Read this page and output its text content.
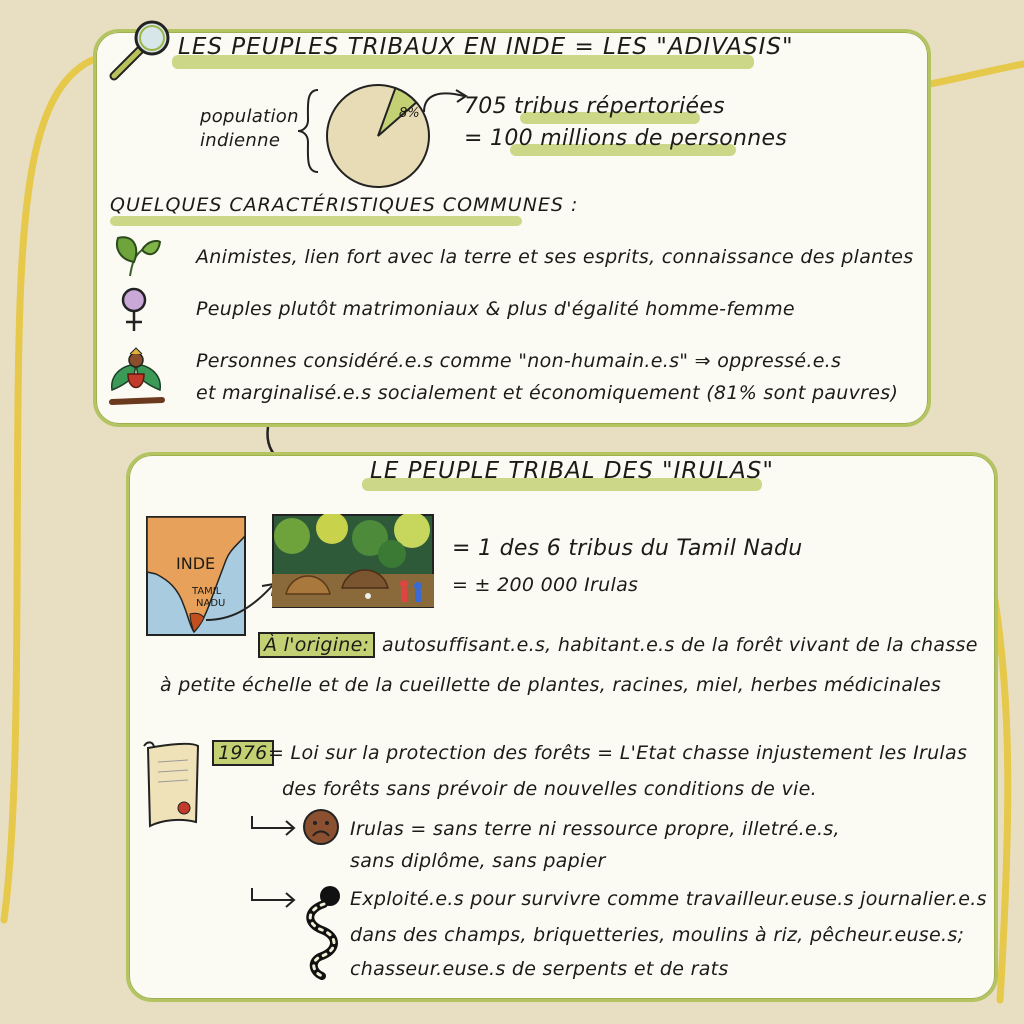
LES PEUPLES TRIBAUX EN INDE = LES "ADIVASIS"
population
indienne
8% 705 tribus répertoriées
= 100 millions de personnes
QUELQUES CARACTÉRISTIQUES COMMUNES :
Animistes, lien fort avec la terre et ses esprits, connaissance des plantes
Peuples plutôt matrimoniaux & plus d'égalité homme-femme
Personnes considéré.e.s comme "non-humain.e.s" ⇒ oppressé.e.s
et marginalisé.e.s socialement et économiquement (81% sont pauvres)
LE PEUPLE TRIBAL DES "IRULAS"
INDE
TAMIL
NADU
= 1 des 6 tribus du Tamil Nadu
= ± 200 000 Irulas
À l'origine: autosuffisant.e.s, habitant.e.s de la forêt vivant de la chasse
à petite échelle et de la cueillette de plantes, racines, miel, herbes médicinales
1976 = Loi sur la protection des forêts = L'Etat chasse injustement les Irulas
des forêts sans prévoir de nouvelles conditions de vie.
Irulas = sans terre ni ressource propre, illetré.e.s,
sans diplôme, sans papier
Exploité.e.s pour survivre comme travailleur.euse.s journalier.e.s
dans des champs, briquetteries, moulins à riz, pêcheur.euse.s;
chasseur.euse.s de serpents et de rats
